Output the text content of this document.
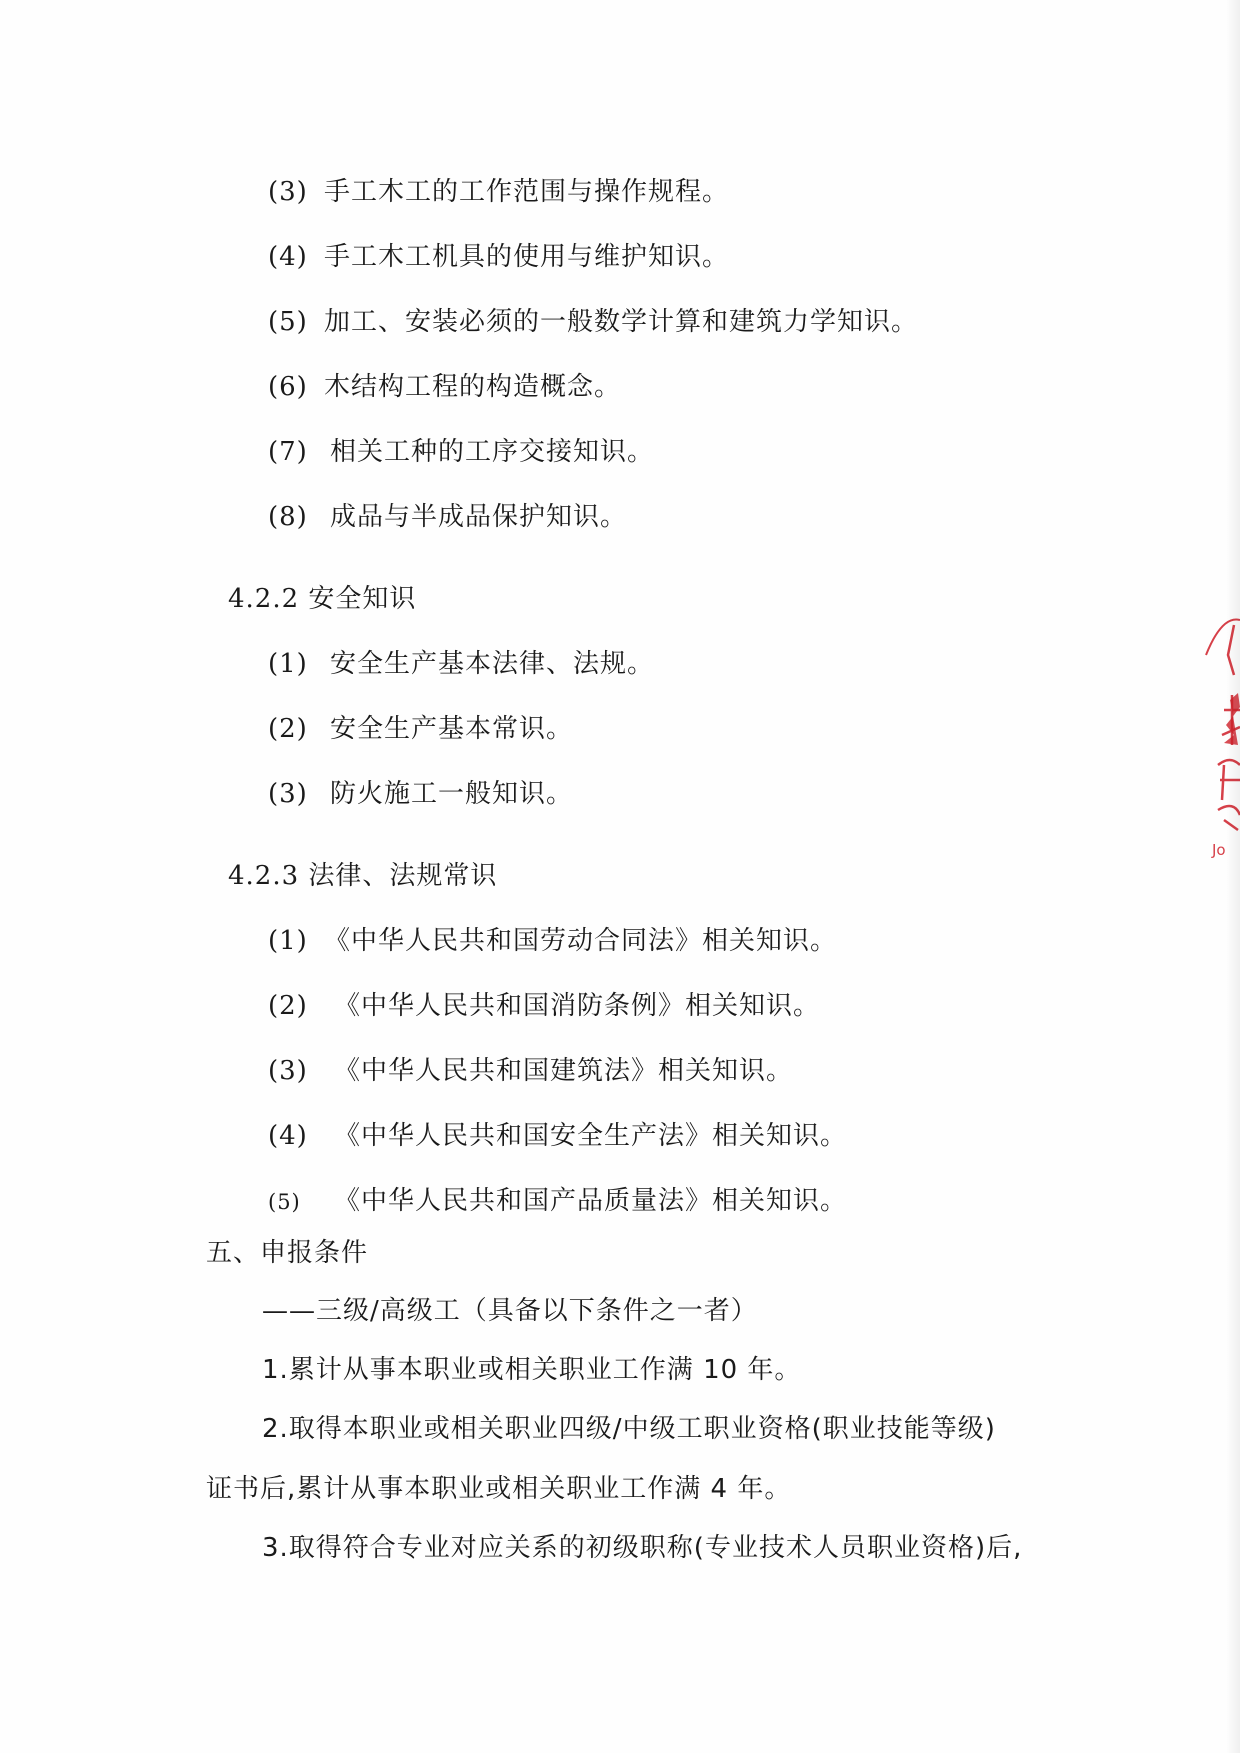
(3) 手工木工的工作范围与操作规程。
(4) 手工木工机具的使用与维护知识。
(5) 加工、安装必须的一般数学计算和建筑力学知识。
(6) 木结构工程的构造概念。
(7) 相关工种的工序交接知识。
(8) 成品与半成品保护知识。
4.2.2 安全知识
(1) 安全生产基本法律、法规。
(2) 安全生产基本常识。
(3) 防火施工一般知识。
4.2.3 法律、法规常识
(1) 《中华人民共和国劳动合同法》相关知识。
(2) 《中华人民共和国消防条例》相关知识。
(3) 《中华人民共和国建筑法》相关知识。
(4) 《中华人民共和国安全生产法》相关知识。
(5) 《中华人民共和国产品质量法》相关知识。
五、申报条件
——三级/高级工（具备以下条件之一者）
1.累计从事本职业或相关职业工作满 10 年。
2.取得本职业或相关职业四级/中级工职业资格(职业技能等级)
证书后,累计从事本职业或相关职业工作满 4 年。
3.取得符合专业对应关系的初级职称(专业技术人员职业资格)后,
Jo
